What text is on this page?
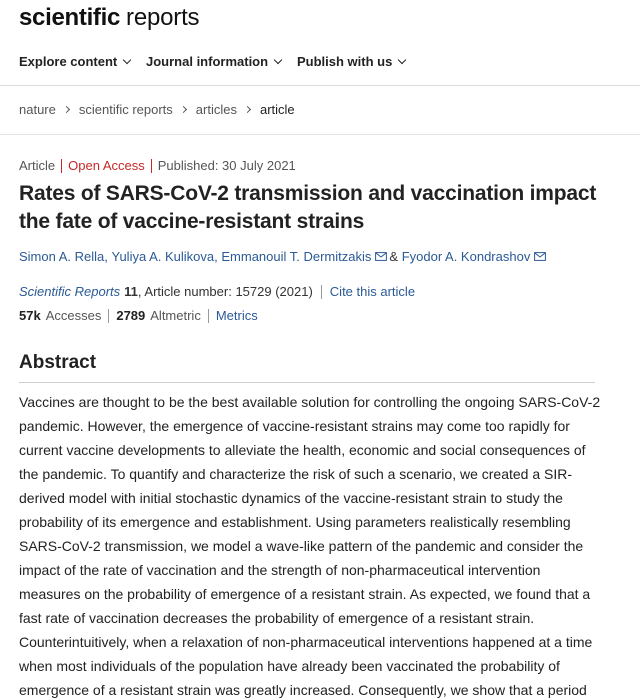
scientific reports
Explore content Journal information Publish with us
nature scientific reports articles article
Article Open Access Published: 30 July 2021
Rates of SARS-CoV-2 transmission and vaccination impact the fate of vaccine-resistant strains
Simon A. Rella,
Yuliya A. Kulikova,
Emmanouil T. Dermitzakis &
Fyodor A. Kondrashov
Scientific Reports 11 , Article number: 15729 (2021) Cite this article
57k Accesses 2789 Altmetric Metrics
Abstract

Vaccines are thought to be the best available solution for controlling the ongoing SARS-CoV-2 pandemic. However, the emergence of vaccine-resistant strains may come too rapidly for current vaccine developments to alleviate the health, economic and social consequences of the pandemic. To quantify and characterize the risk of such a scenario, we created a SIR-derived model with initial stochastic dynamics of the vaccine-resistant strain to study the probability of its emergence and establishment. Using parameters realistically resembling SARS-CoV-2 transmission, we model a wave-like pattern of the pandemic and consider the impact of the rate of vaccination and the strength of non-pharmaceutical intervention measures on the probability of emergence of a resistant strain. As expected, we found that a fast rate of vaccination decreases the probability of emergence of a resistant strain. Counterintuitively, when a relaxation of non-pharmaceutical interventions happened at a time when most individuals of the population have already been vaccinated the probability of emergence of a resistant strain was greatly increased. Consequently, we show that a period
